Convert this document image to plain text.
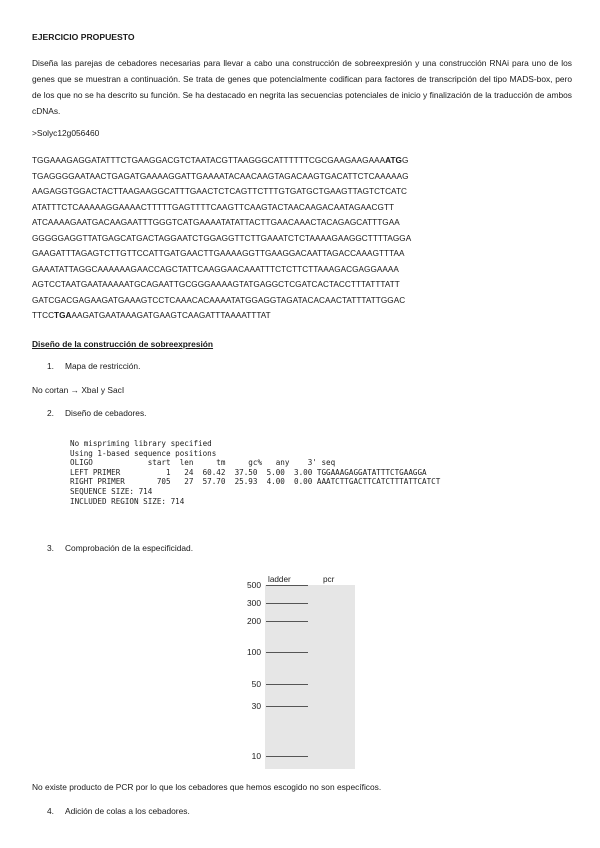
EJERCICIO PROPUESTO
Diseña las parejas de cebadores necesarias para llevar a cabo una construcción de sobreexpresión y una construcción RNAi para uno de los genes que se muestran a continuación. Se trata de genes que potencialmente codifican para factores de transcripción del tipo MADS-box, pero de los que no se ha descrito su función. Se ha destacado en negrita las secuencias potenciales de inicio y finalización de la traducción de ambos cDNAs.
>Solyc12g056460
TGGAAAGAGGATATTTCTGAAGGACGTCTAATACGTTAAGGGCATTTTTTCGCGAAGAAGAAAATGG
TGAGGGGAATAACTGAGATGAAAAGGATTGAAAATACAACAAGTAGACAAGTGACATTCTCAAAAAG
AAGAGGTGGACTACTTAAGAAGGCATTTGAACTCTCAGTTCTTTGTGATGCTGAAGTTAGTCTCATC
ATATTTCTCAAAAAGGAAAACTTTTTGAGTTTTCAAGTTCAAGTACTAACAAGACAATAGAACGTT
ATCAAAAGAATGACAAGAATTTGGGTCATGAAAATATATTACTTGAACAAACTACAGAGCATTTGAA
GGGGGAGGTTATGAGCATGACTAGGAATCTGGAGGTTCTTGAAATCTCTAAAAGAAGGCTTTTAGGA
GAAGATTTAGAGTCTTGTTCCATTGATGAACTTGAAAAGGTTGAAGGACAATTAGACCAAAGTTTAA
GAAATATTAGGCAAAAAAGAACCAGCTATTCAAGGAACAAATTTCTCTTCTTAAAGACGAGGAAAA
AGTCCTAATGAATAAAAATGCAGAATTGCGGGAAAAGTATGAGGCTCGATCACTACCTTTATTTATT
GATCGACGAGAAGATGAAAGTCCTCAAACACAAAATATGGAGGTAGATACACAACTATTTATTGGAC
TTCCTGAAAGATGAATAAAGATGAAGTCAAGATTTAAAATTTAT
Diseño de la construcción de sobreexpresión
1. Mapa de restricción.
No cortan → XbaI y SacI
2. Diseño de cebadores.
No mispriming library specified
Using 1-based sequence positions
OLIGO            start  len     tm     gc%   any    3' seq
LEFT PRIMER          1   24  60.42  37.50  5.00  3.00 TGGAAAGAGGATATTTCTGAAGGA
RIGHT PRIMER       705   27  57.70  25.93  4.00  0.00 AAATCTTGACTTCATCTTTATTCATCT
SEQUENCE SIZE: 714
INCLUDED REGION SIZE: 714
3. Comprobación de la especificidad.
ladder	pcr
500
300
200
100
50
30
10
No existe producto de PCR por lo que los cebadores que hemos escogido no son específicos.
4. Adición de colas a los cebadores.
